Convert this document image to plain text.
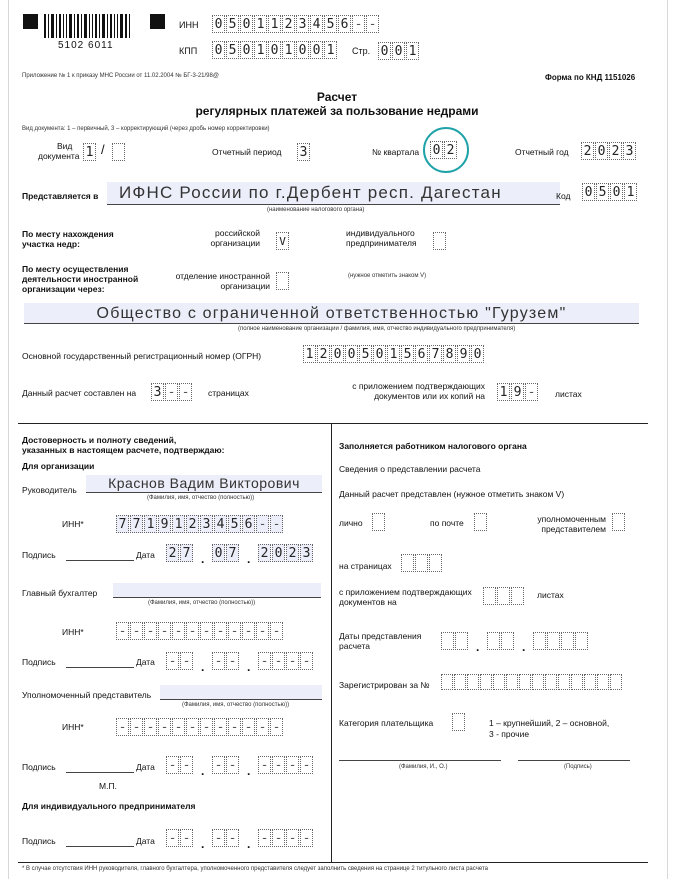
5102 6011
ИНН 0 5 0 1 1 2 3 4 5 6 - -
КПП 0 5 0 1 0 1 0 0 1 Стр. 0 0 1
Приложение № 1 к приказу МНС России от 11.02.2004 № БГ-3-21/98@	Форма по КНД 1151026
Расчет
регулярных платежей за пользование недрами
Вид документа: 1 – первичный, 3 – корректирующий (через дробь номер корректировки)
Вид
документа 1 /	Отчетный период 3	№ квартала 0 2	Отчетный год 2 0 2 3
Представляется в	ИФНС России по г.Дербент респ. Дагестан
(наименование налогового органа)
Код 0 5 0 1
По месту нахождения
участка недр:
российской
организации V
индивидуального
предпринимателя
По месту осуществления
деятельности иностранной
организации через:
отделение иностранной
организации
(нужное отметить знаком V)
Общество с ограниченной ответственностью "Гурузем"
(полное наименование организации / фамилия, имя, отчество индивидуального предпринимателя)
Основной государственный регистрационный номер (ОГРН)	1 2 0 0 5 0 1 5 6 7 8 9 0
Данный расчет составлен на 3 - -	страницах
с приложением подтверждающих
документов или их копий на 1 9 -	листах
Достоверность и полноту сведений,
указанных в настоящем расчете, подтверждаю:
Для организации
Руководитель	Краснов Вадим Викторович
(Фамилия, имя, отчество (полностью))
ИНН*	7 7 1 9 1 2 3 4 5 6 - -
Подпись	Дата 2 7 . 0 7 . 2 0 2 3
Главный бухгалтер
(Фамилия, имя, отчество (полностью))
ИНН*	- - - - - - - - - - - -
Подпись	Дата - - . - - . - - - -
Уполномоченный представитель
(Фамилия, имя, отчество (полностью))
ИНН*	- - - - - - - - - - - -
Подпись	Дата - - . - - . - - - -
М.П.
Для индивидуального предпринимателя
Подпись	Дата - - . - - . - - - -
* В случае отсутствия ИНН руководителя, главного бухгалтера, уполномоченного представителя следует заполнить сведения на странице 2 титульного листа расчета
Заполняется работником налогового органа
Сведения о представлении расчета
Данный расчет представлен (нужное отметить знаком V)
лично	по почте	уполномоченным
представителем
на страницах
с приложением подтверждающих
документов на
листах
Даты представления
расчета	.	.
Зарегистрирован за №
Категория плательщика	1 – крупнейший, 2 – основной,
3 - прочие
(Фамилия, И., О.)	(Подпись)
